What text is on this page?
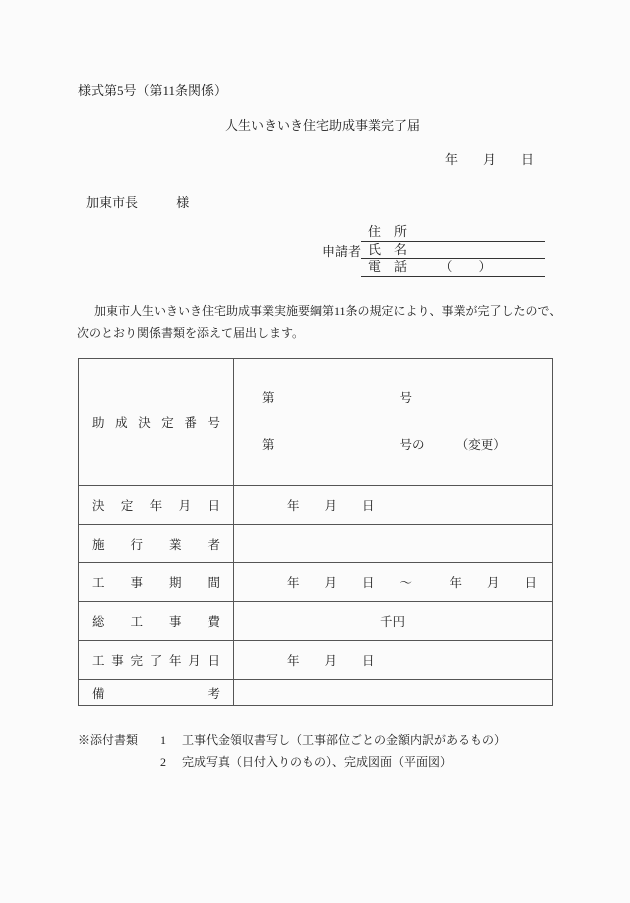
様式第5号（第11条関係）
人生いきいき住宅助成事業完了届
年　月　日
加東市長	様
申請者
住　所
氏　名
電　話　　　（　　）
加東市人生いきいき住宅助成事業実施要綱第11条の規定により、事業が完了したので、
次のとおり関係書類を添えて届出します。
助成決定番号	第　　　　　　　　　　号

第　　　　　　　　　　号の　　　（変更）

決定年月日	　　年　　月　　日
施行業者	
工事期間	　　年　　月　　日　　～　　　年　　月　　日
総工事費	千円
工事完了年月日	　　年　　月　　日
備考	
※添付書類	1	工事代金領収書写し（工事部位ごとの金額内訳があるもの）
2	完成写真（日付入りのもの）、完成図面（平面図）
